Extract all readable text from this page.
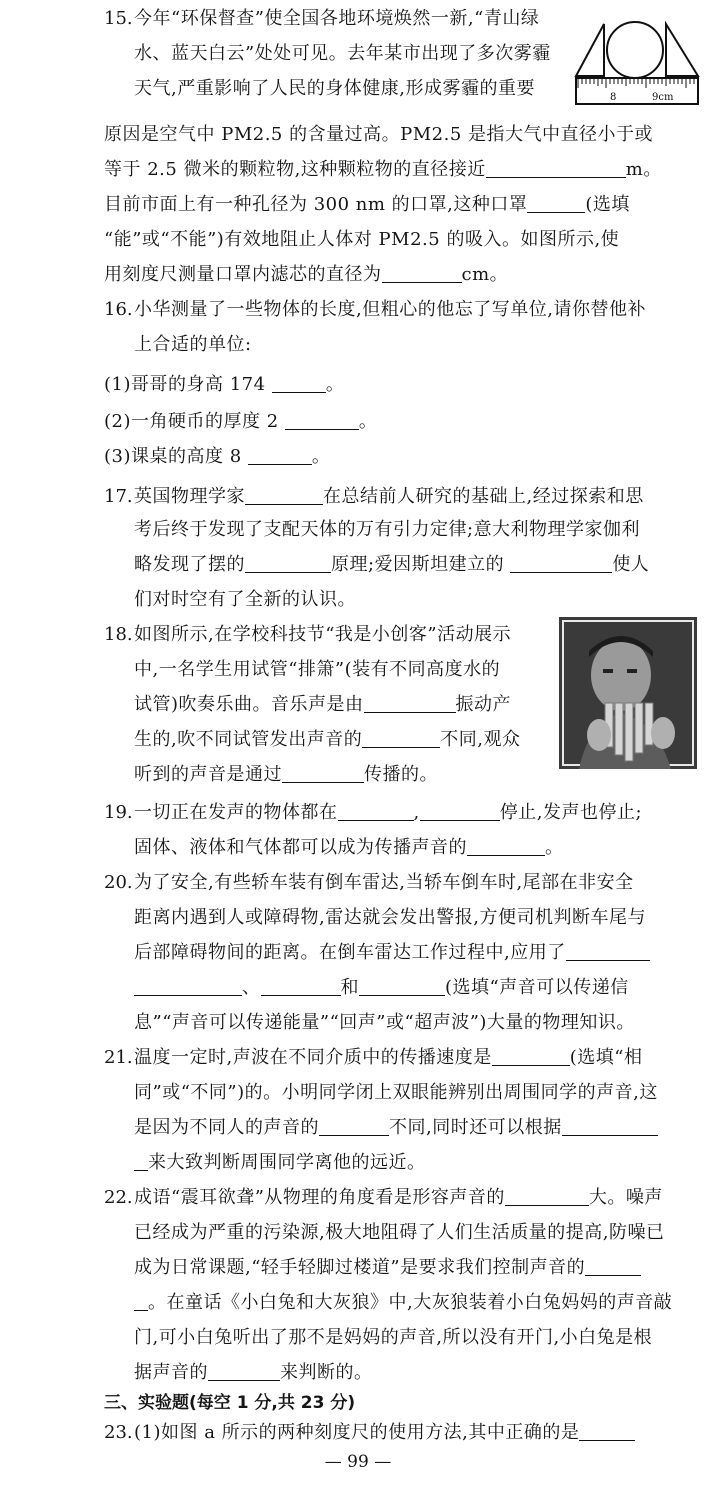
15. 今年“环保督查”使全国各地环境焕然一新,“青山绿
水、蓝天白云”处处可见。去年某市出现了多次雾霾
天气,严重影响了人民的身体健康,形成雾霾的重要
原因是空气中 PM2.5 的含量过高。PM2.5 是指大气中直径小于或
等于 2.5 微米的颗粒物,这种颗粒物的直径接近	m。
目前市面上有一种孔径为 300 nm 的口罩,这种口罩	(选填
“能”或“不能”)有效地阻止人体对 PM2.5 的吸入。如图所示,使
用刻度尺测量口罩内滤芯的直径为	cm。
8	9cm
16. 小华测量了一些物体的长度,但粗心的他忘了写单位,请你替他补
上合适的单位:
(1)哥哥的身高 174	。
(2)一角硬币的厚度 2	。
(3)课桌的高度 8	。
17. 英国物理学家	在总结前人研究的基础上,经过探索和思
考后终于发现了支配天体的万有引力定律;意大利物理学家伽利
略发现了摆的	原理;爱因斯坦建立的	使人
们对时空有了全新的认识。
18. 如图所示,在学校科技节“我是小创客”活动展示
中,一名学生用试管“排箫”(装有不同高度水的
试管)吹奏乐曲。音乐声是由	振动产
生的,吹不同试管发出声音的	不同,观众
听到的声音是通过	传播的。
19. 一切正在发声的物体都在	,	停止,发声也停止;
固体、液体和气体都可以成为传播声音的	。
20. 为了安全,有些轿车装有倒车雷达,当轿车倒车时,尾部在非安全
距离内遇到人或障碍物,雷达就会发出警报,方便司机判断车尾与
后部障碍物间的距离。在倒车雷达工作过程中,应用了
、	和	(选填“声音可以传递信
息”“声音可以传递能量”“回声”或“超声波”)大量的物理知识。
21. 温度一定时,声波在不同介质中的传播速度是	(选填“相
同”或“不同”)的。小明同学闭上双眼能辨别出周围同学的声音,这
是因为不同人的声音的	不同,同时还可以根据
来大致判断周围同学离他的远近。
22. 成语“震耳欲聋”从物理的角度看是形容声音的	大。噪声
已经成为严重的污染源,极大地阻碍了人们生活质量的提高,防噪已
成为日常课题,“轻手轻脚过楼道”是要求我们控制声音的
。在童话《小白兔和大灰狼》中,大灰狼装着小白兔妈妈的声音敲
门,可小白兔听出了那不是妈妈的声音,所以没有开门,小白兔是根
据声音的	来判断的。
三、实验题(每空 1 分,共 23 分)
23. (1)如图 a 所示的两种刻度尺的使用方法,其中正确的是
— 99 —
